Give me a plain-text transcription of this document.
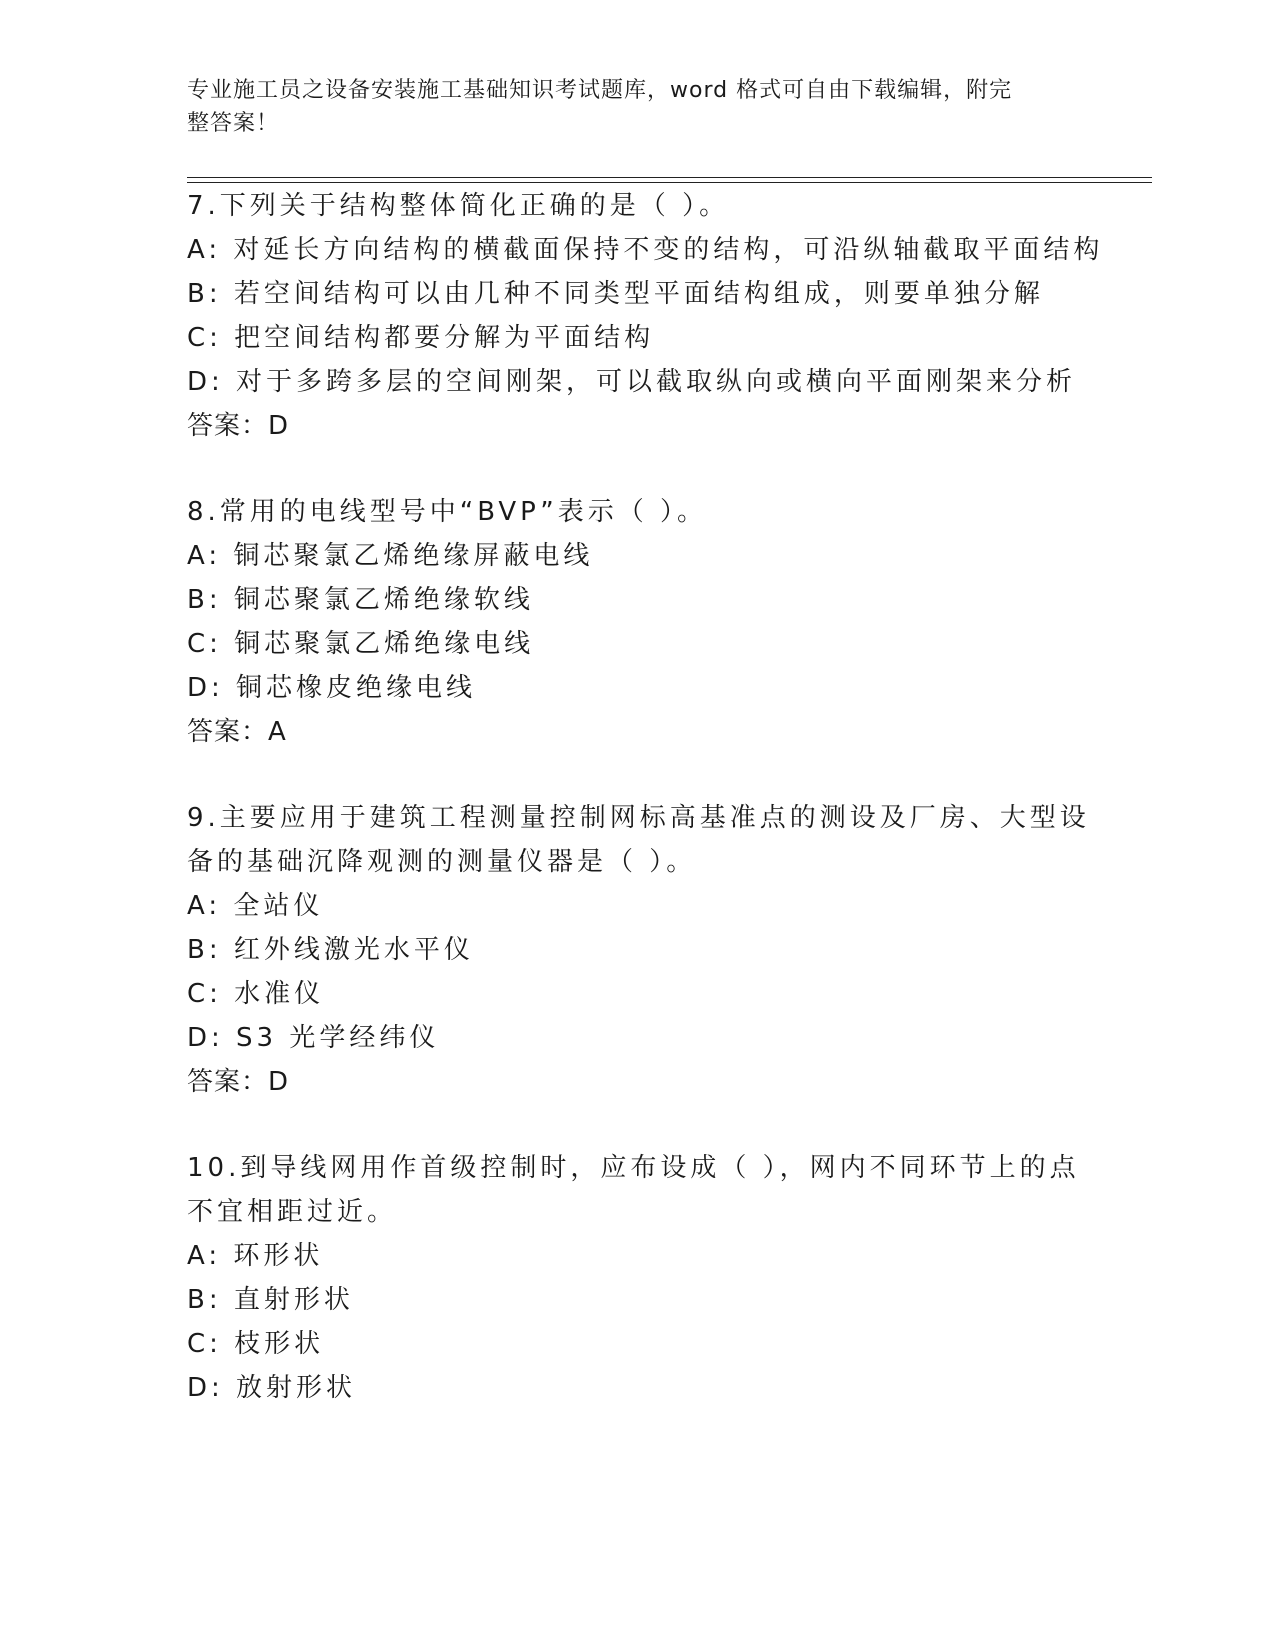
专业施工员之设备安装施工基础知识考试题库，word 格式可自由下载编辑，附完
整答案！
7.下列关于结构整体简化正确的是（ ）。
A: 对延长方向结构的横截面保持不变的结构，可沿纵轴截取平面结构
B: 若空间结构可以由几种不同类型平面结构组成，则要单独分解
C: 把空间结构都要分解为平面结构
D: 对于多跨多层的空间刚架，可以截取纵向或横向平面刚架来分析
答案：D
8.常用的电线型号中“BVP”表示（ ）。
A: 铜芯聚氯乙烯绝缘屏蔽电线
B: 铜芯聚氯乙烯绝缘软线
C: 铜芯聚氯乙烯绝缘电线
D: 铜芯橡皮绝缘电线
答案：A
9.主要应用于建筑工程测量控制网标高基准点的测设及厂房、大型设
备的基础沉降观测的测量仪器是（ ）。
A: 全站仪
B: 红外线激光水平仪
C: 水准仪
D: S3 光学经纬仪
答案：D
10.到导线网用作首级控制时，应布设成（ ），网内不同环节上的点
不宜相距过近。
A: 环形状
B: 直射形状
C: 枝形状
D: 放射形状
